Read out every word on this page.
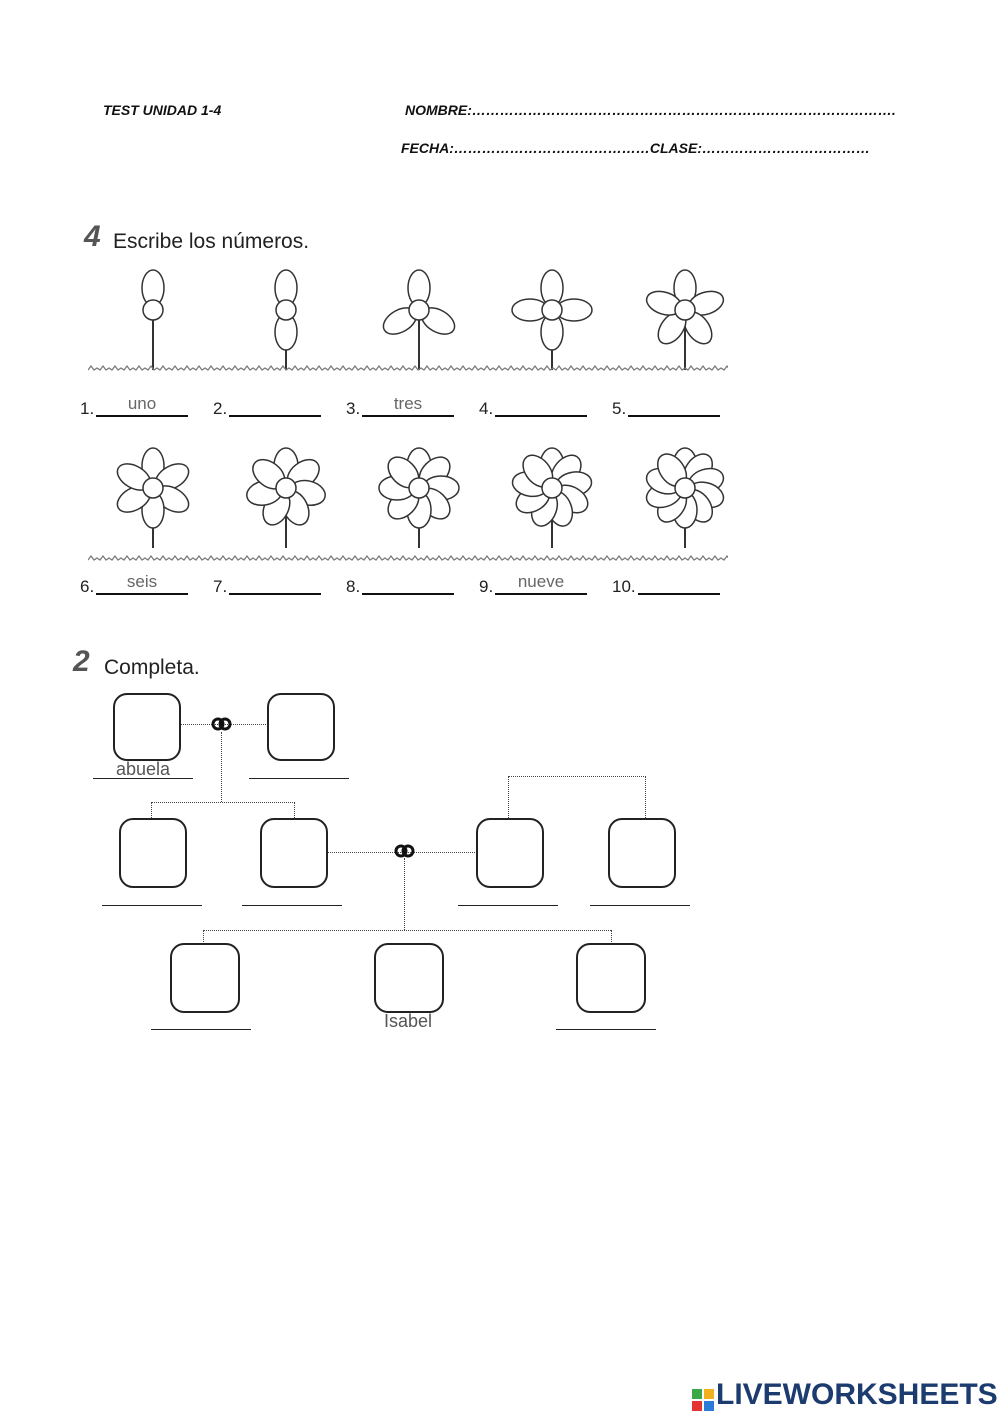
TEST UNIDAD 1-4	NOMBRE:……………………………………………………………………………….
FECHA:……………………………………CLASE:………………………………
4 Escribe los números.
1.	uno	2.	3.	tres	4.	5.
6.	seis	7.	8.	9.	nueve	10.
2 Completa.
abuela
Isabel
LIVEWORKSHEETS
